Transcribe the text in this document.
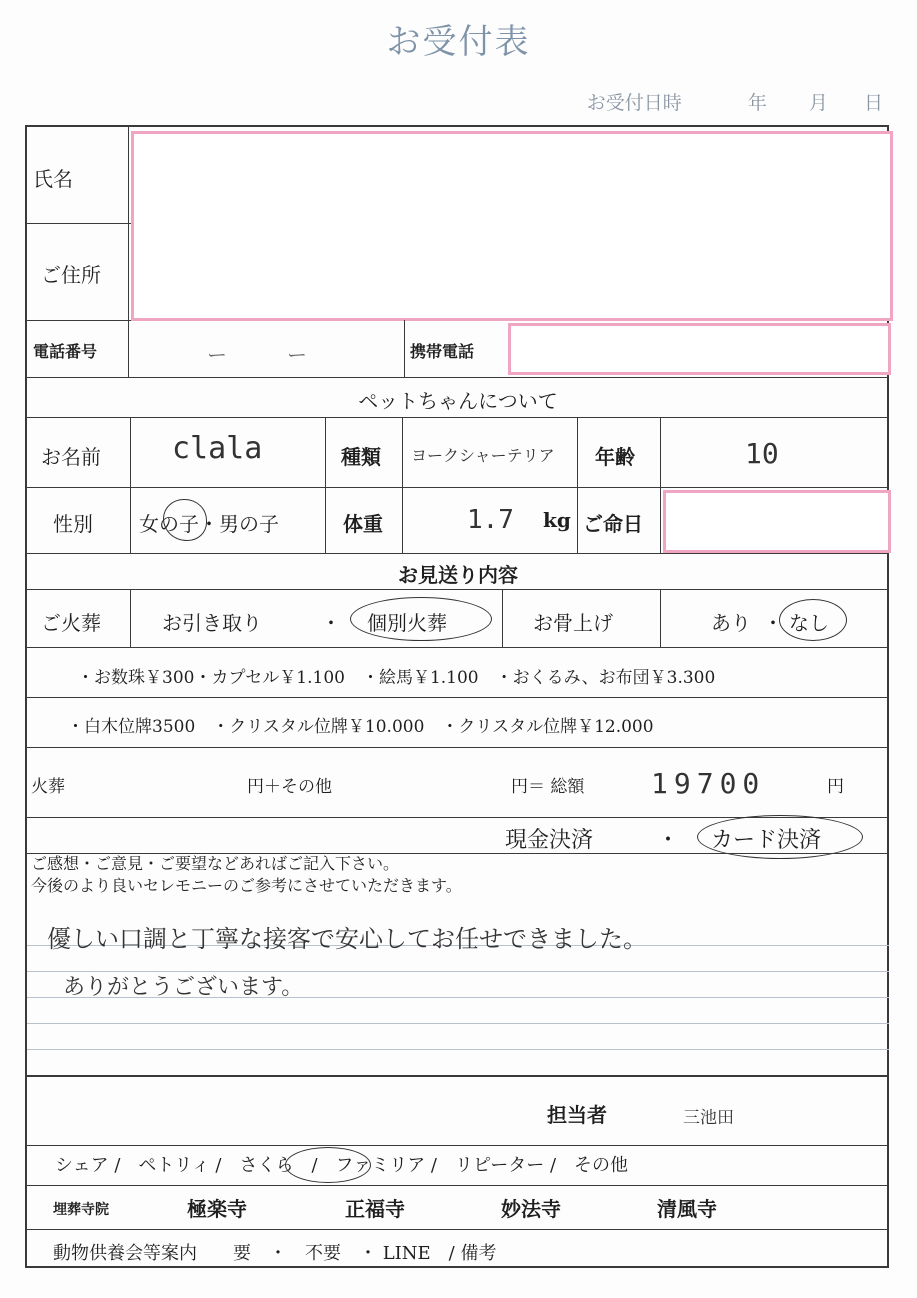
お受付表
お受付日時	年 月 日
氏名
ご住所
電話番号	ー　　　ー	携帯電話
ペットちゃんについて
お名前 clala	種類 ヨークシャーテリア 年齢	10
性別 女の子・男の子	体重	1.7 kg ご命日
お見送り内容
ご火葬	お引き取り	・ 個別火葬	お骨上げ	あり ・ なし
・お数珠￥300・カプセル￥1.100　・絵馬￥1.100　・おくるみ、お布団￥3.300
・白木位牌3500　・クリスタル位牌￥10.000　・クリスタル位牌￥12.000
火葬	円＋その他	円＝ 総額 19700	円
現金決済	・ カード決済
ご感想・ご意見・ご要望などあればご記入下さい。
今後のより良いセレモニーのご参考にさせていただきます。
優しい口調と丁寧な接客で安心してお任せできました。
ありがとうございます。
担当者	三池田
シェア /　ペトリィ /　さくら　/　ファミリア /　リピーター /　その他
埋葬寺院	極楽寺	正福寺	妙法寺	清風寺
動物供養会等案内　　要　・　不要　・ LINE　/ 備考
